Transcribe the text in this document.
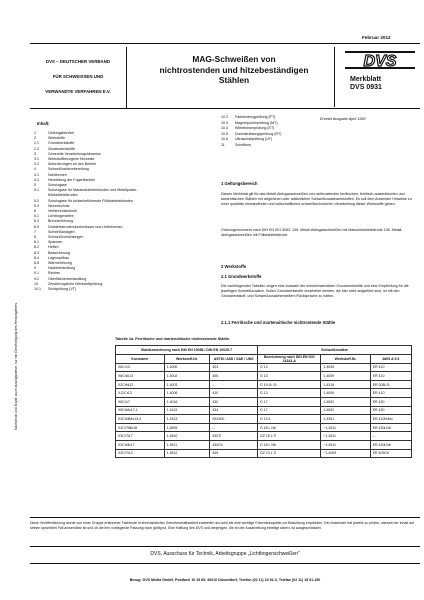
Februar 2012
DVS – DEUTSCHER VERBAND
FÜR SCHWEISSEN UND
VERWANDTE VERFAHREN E.V.
MAG-Schweißen von
nichtrostenden und hitzebeständigen
Stählen
DVS
Merkblatt
DVS 0931
Ersetzt Ausgabe April 1992
Nachdruck und Kopie, auch auszugsweise, nur mit Genehmigung des Herausgebers
Inhalt:
1	Geltungsbereich
2	Werkstoffe
2.1	Grundwerkstoffe
2.2	Zusatzwerkstoffe
3	Generelle Verarbeitungshinweise
3.1	Werkstoffbezogene Hinweise
3.2	Anforderungen an den Betrieb
4	Schweißnahtvorbereitung
4.1	Nahtformen
4.2	Herstellung der Fugenflanken
5	Schutzgase
5.1	Schutzgase für Massivdrahtelektroden und Metallpulver-
fülldrahtelektroden
5.2	Schutzgase für schlackeführende Fülldrahtelektroden
5.3	Wurzelschutz
6	Verfahrenstechnik
6.1	Lichtbogenarten
6.2	Brennerführung
6.3	Drahtelektrodendurchmesser und Lieferformen
7	Schweißanlagen
8	Schweißvorrichtungen
8.1	Spannen
8.2	Heften
8.3	Badsicherung
8.4	Lagenaufbau
8.5	Wärmeführung
9	Nachbehandlung
9.1	Richten
9.2	Oberflächenbehandlung
10	Zerstörungsfreie Werkstoffprüfung
10.1 Sichtprüfung (VT)
10.2 Farbeindringprüfung (PT)
10.3 Magnetpulverprüfung (MT)
10.4 Wirbelstromprüfung (ET)
10.5 Durchstrahlungsprüfung (RT)
10.6 Ultraschallprüfung (UT)
11	Schrifttum
1 Geltungsbereich
Dieses Merkblatt gilt für das Metall-Aktivgasschweißen von nichtrostenden ferritischen, ferritisch-austenitischen und austenitischen Stählen mit artgleichen oder artähnlichen Schweißzusatzwerkstoffen. Es soll dem Anwender Hinweise zu einer qualitativ einwandfreien und wirtschaftlichen schweißtechnischen Verarbeitung dieser Werkstoffe geben.
Ordnungsnummern nach DIN EN ISO 4063: 135: Metall-Aktivgasschweißen mit Massivdrahtelektrode 136: Metall-Aktivgasschweißen mit Fülldrahtelektrode
2 Werkstoffe
2.1 Grundwerkstoffe
Die nachfolgenden Tabellen zeigen eine Auswahl der meistverwendeten Grundwerkstoffe und eine Empfehlung für die jeweiligen Schweißzusätze. Sollen Grundwerkstoffe verarbeitet werden, die hier nicht aufgeführt sind, ist mit den Grundwerkstoff- und Schweißzusatzherstellern Rücksprache zu halten.
2.1.1 Ferritische und martensitische nichtrostende Stähle
Tabelle 1a. Ferritische und martensitische nichtrostende Stähle.
Stahlbezeichnung nach DIN EN 10088 / DIN EN 10029-7			Schweißzusätze		
Kurzname	Werkstoff-Nr.	ASTM / AISI / SAE / UNS	Bezeichnung nach DIN EN ISO 14343-A	Werkstoff-Nr.	AWS A 5.9
X6Cr13	1.4000	403	G 13	1.4009	ER 410
X6CrAl13	1.4002	405	G 13	1.4009	ER 410
X2CrNi12	1.4003	–	G 19 9L Si	1.4316	ER 308LSi
X12Cr13	1.4006	410	G 13	1.4009	ER 410
X6Cr17	1.4016	430	G 17	1.4502	ER 430
X6CrMo17-1	1.4113	434	G 17	1.4502	ER 430
X3CrNiMo13-4	1.4313	S41500	G 13 4	1.4351	ER 410NiMo
X2CrTiNb18	1.4509	–	G 18 L Nb	~1.4511	ER 430LNb
X3CrTi17	1.4510	430Ti	GZ 18 L Ti	~1.4511	–
X3CrNb17	1.4511	430Cb	G 18 L Nb	~1.4511	ER 430LNb
X2CrTi12	1.4512	409	GZ 13 L Ti	~1.4009	ER 409Cb
Diese Veröffentlichung wurde von einer Gruppe erfahrener Fachleute in ehrenamtlicher Gemeinschaftsarbeit erarbeitet und wird als eine wichtige Erkenntnisquelle zur Beachtung empfohlen. Der Anwender hat jeweils zu prüfen, wieweit der Inhalt auf seinen speziellen Fall anwendbar ist und ob die ihm vorliegende Fassung noch gültig ist. Eine Haftung des DVS und derjenigen, die an der Ausarbeitung beteiligt waren, ist ausgeschlossen.
DVS, Ausschuss für Technik, Arbeitsgruppe „Lichtbogenschweißen“
Bezug: DVS Media GmbH, Postfach 10 19 65, 40010 Düsseldorf, Telefon (02 11) 15 91-0, Telefax (02 11) 15 91-150
